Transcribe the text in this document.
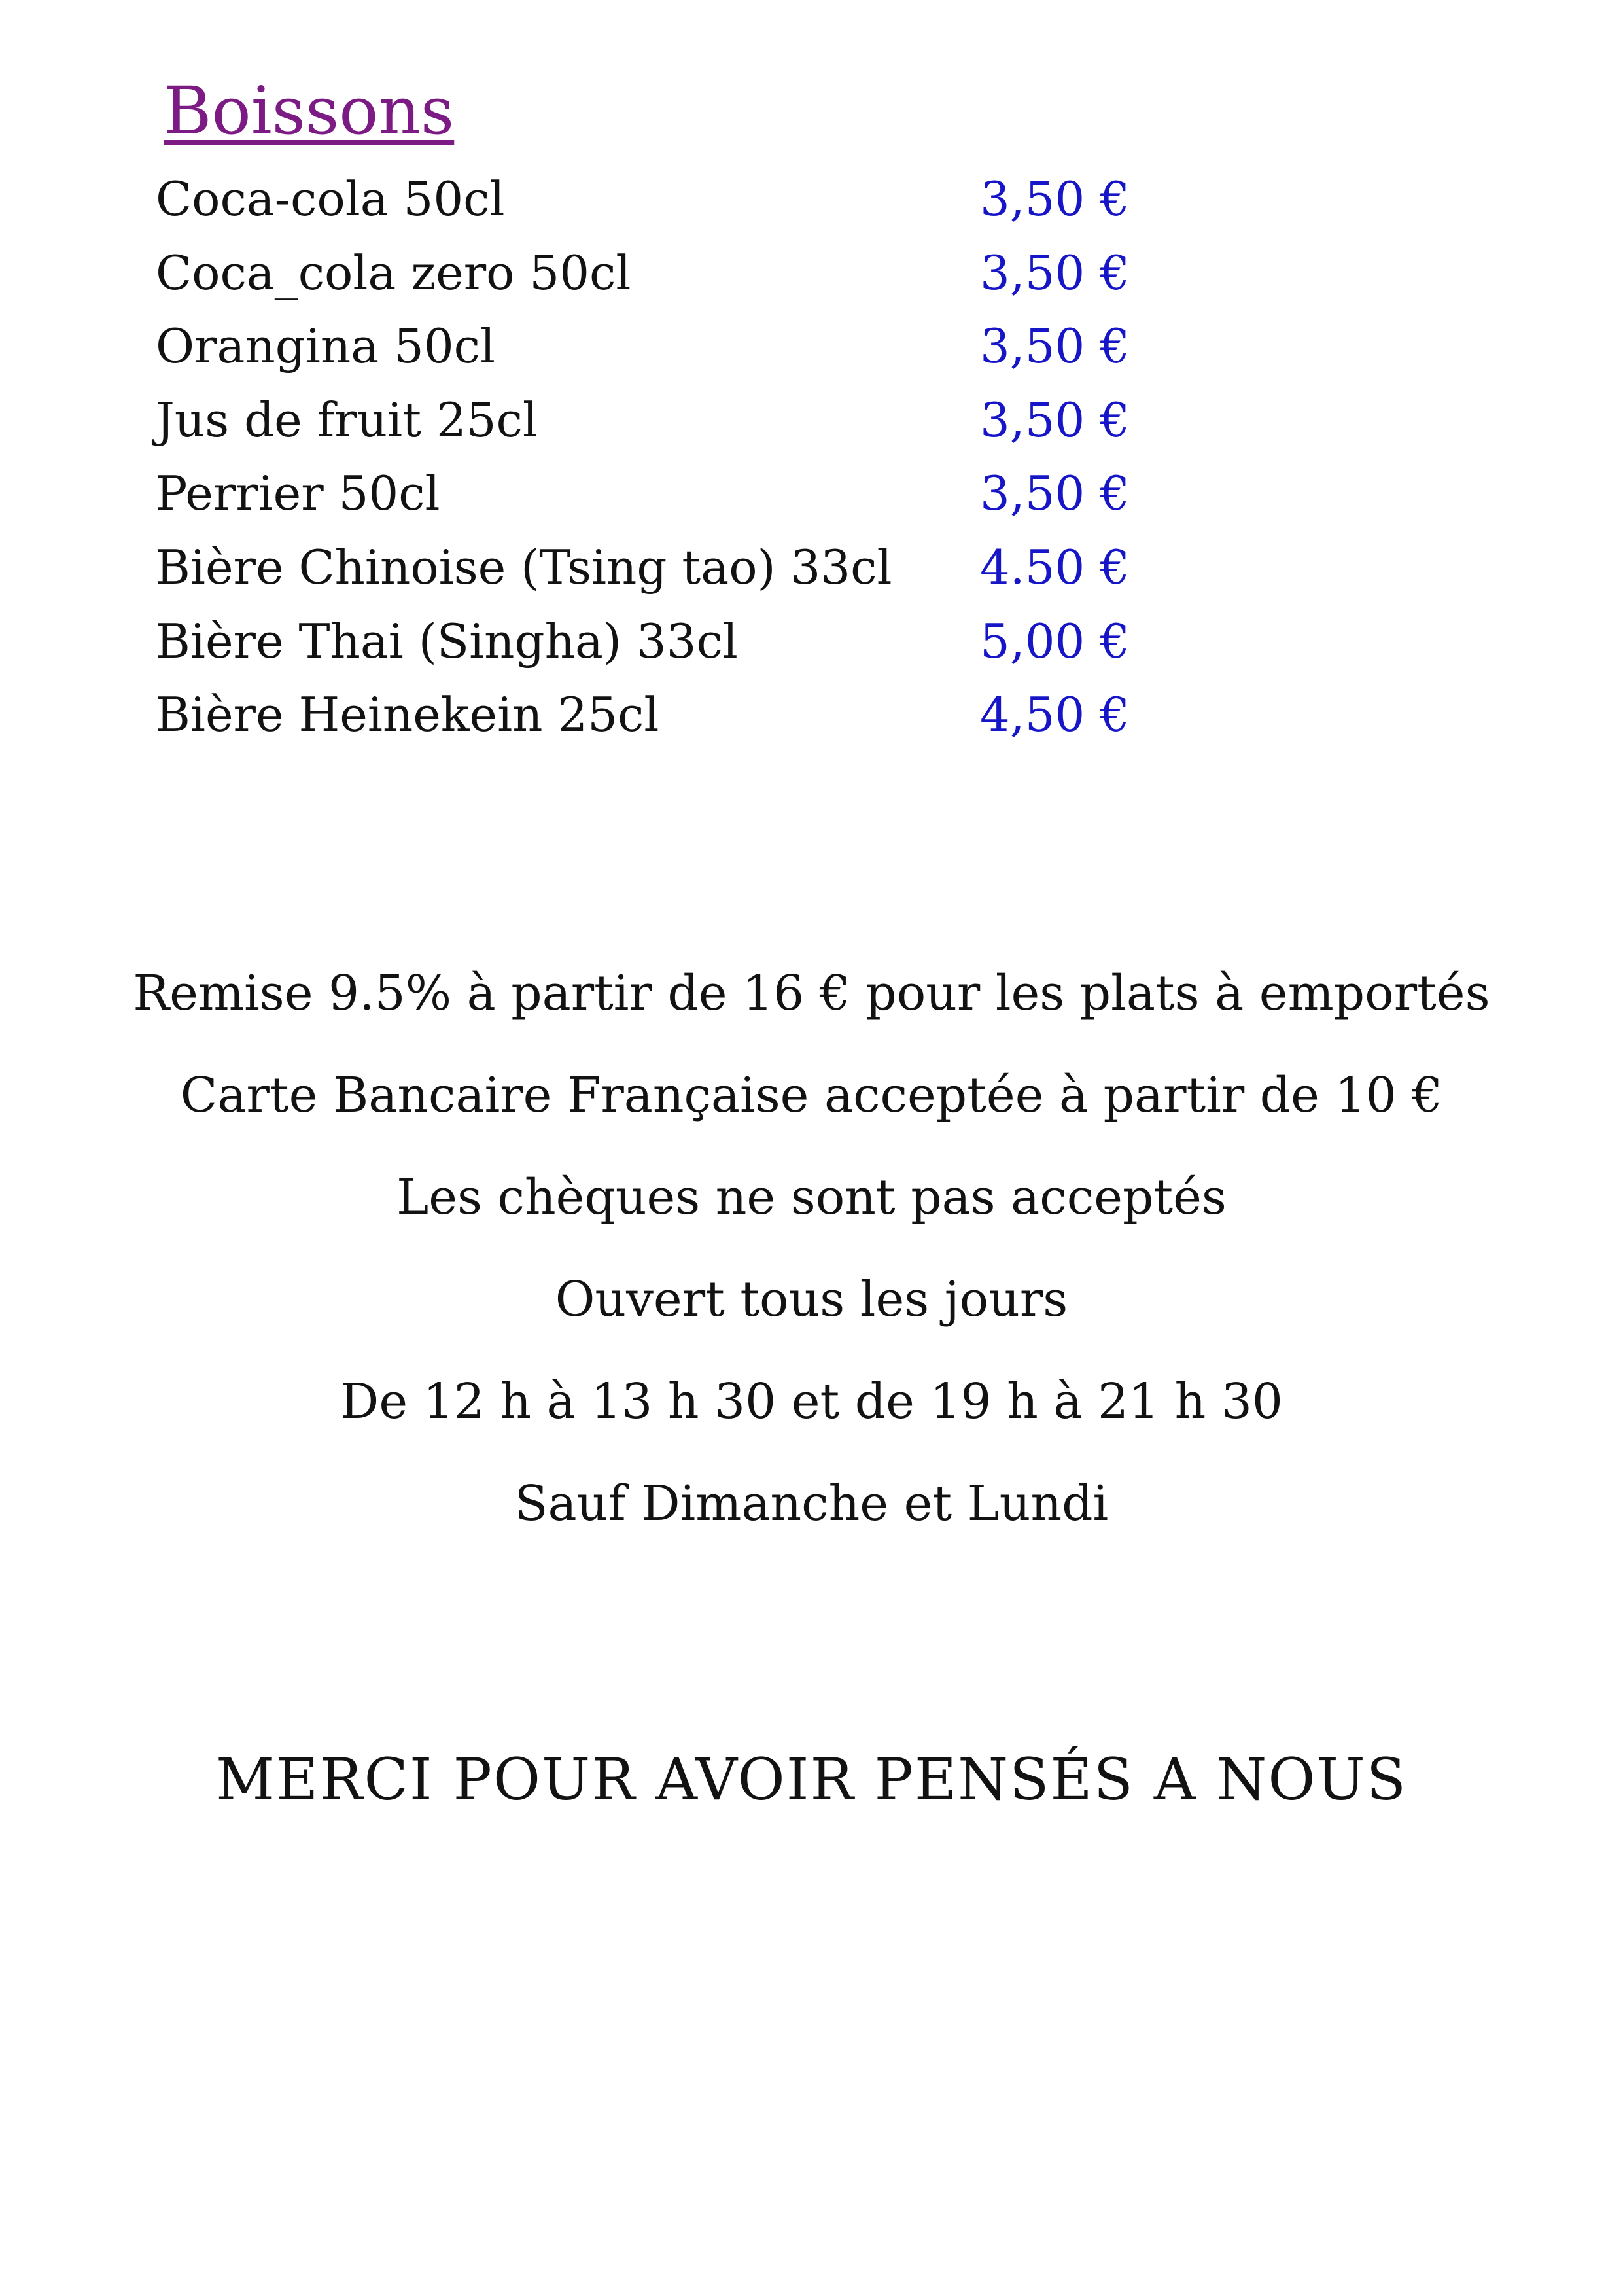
Boissons
Coca-cola 50cl	3,50 €
Coca_cola zero 50cl	3,50 €
Orangina 50cl	3,50 €
Jus de fruit 25cl	3,50 €
Perrier 50cl	3,50 €
Bière Chinoise (Tsing tao) 33cl	4.50 €
Bière Thai (Singha) 33cl	5,00 €
Bière Heinekein 25cl	4,50 €
Remise 9.5% à partir de 16 € pour les plats à emportés
Carte Bancaire Française acceptée à partir de 10 €
Les chèques ne sont pas acceptés
Ouvert tous les jours
De 12 h à 13 h 30 et de 19 h à 21 h 30
Sauf Dimanche et Lundi
MERCI POUR AVOIR PENSÉS A NOUS
